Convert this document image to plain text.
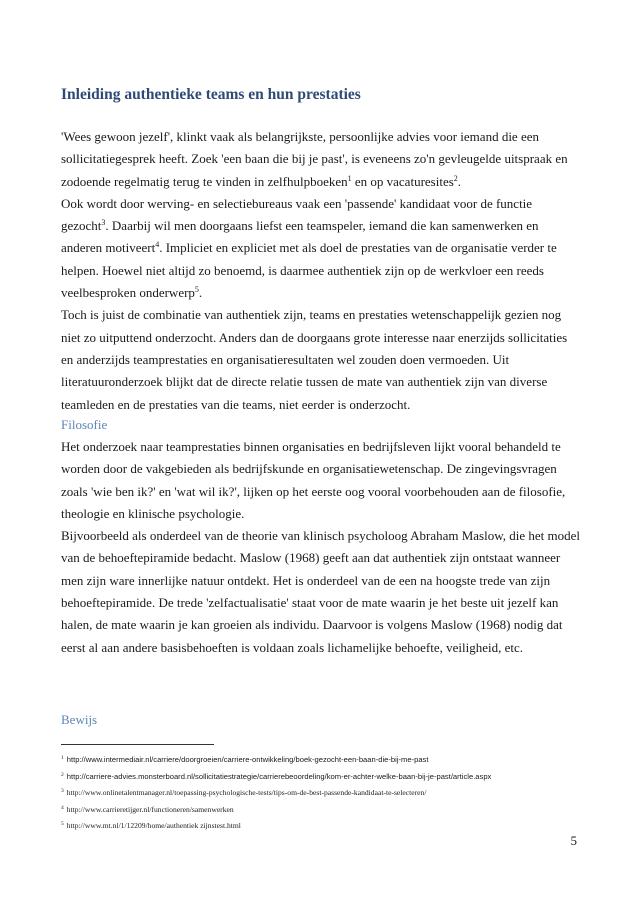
Inleiding authentieke teams en hun prestaties

'Wees gewoon jezelf', klinkt vaak als belangrijkste, persoonlijke advies voor iemand die een
sollicitatiegesprek heeft. Zoek 'een baan die bij je past', is eveneens zo'n gevleugelde uitspraak en
zodoende regelmatig terug te vinden in zelfhulpboeken$^1$ en op vacaturesites$^2$.

Ook wordt door werving- en selectiebureaus vaak een 'passende' kandidaat voor de functie
gezocht$^3$. Daarbij wil men doorgaans liefst een teamspeler, iemand die kan samenwerken en
anderen motiveert$^4$. Impliciet en expliciet met als doel de prestaties van de organisatie verder te
helpen. Hoewel niet altijd zo benoemd, is daarmee authentiek zijn op de werkvloer een reeds
veelbesproken onderwerp$^5$.

Toch is juist de combinatie van authentiek zijn, teams en prestaties wetenschappelijk gezien nog
niet zo uitputtend onderzocht. Anders dan de doorgaans grote interesse naar enerzijds sollicitaties
en anderzijds teamprestaties en organisatieresultaten wel zouden doen vermoeden. Uit
literatuuronderzoek blijkt dat de directe relatie tussen de mate van authentiek zijn van diverse
teamleden en de prestaties van die teams, niet eerder is onderzocht.

Filosofie

Het onderzoek naar teamprestaties binnen organisaties en bedrijfsleven lijkt vooral behandeld te
worden door de vakgebieden als bedrijfskunde en organisatiewetenschap. De zingevingsvragen
zoals 'wie ben ik?' en 'wat wil ik?', lijken op het eerste oog vooral voorbehouden aan de filosofie,
theologie en klinische psychologie.

Bijvoorbeeld als onderdeel van de theorie van klinisch psycholoog Abraham Maslow, die het model
van de behoeftepiramide bedacht. Maslow (1968) geeft aan dat authentiek zijn ontstaat wanneer
men zijn ware innerlijke natuur ontdekt. Het is onderdeel van de een na hoogste trede van zijn
behoeftepiramide. De trede 'zelfactualisatie' staat voor de mate waarin je het beste uit jezelf kan
halen, de mate waarin je kan groeien als individu. Daarvoor is volgens Maslow (1968) nodig dat
eerst al aan andere basisbehoeften is voldaan zoals lichamelijke behoefte, veiligheid, etc.

Bewijs
1 http://www.intermediair.nl/carriere/doorgroeien/carriere-ontwikkeling/boek-gezocht-een-baan-die-bij-me-past
2 http://carriere-advies.monsterboard.nl/sollicitatiestrategie/carrierebeoordeling/kom-er-achter-welke-baan-bij-je-past/article.aspx
3 http://www.onlinetalentmanager.nl/toepassing-psychologische-tests/tips-om-de-best-passende-kandidaat-te-selecteren/
4 http://www.carrieretijger.nl/functioneren/samenwerken
5 http://www.mt.nl/1/12209/home/authentiek zijnstest.html
5
